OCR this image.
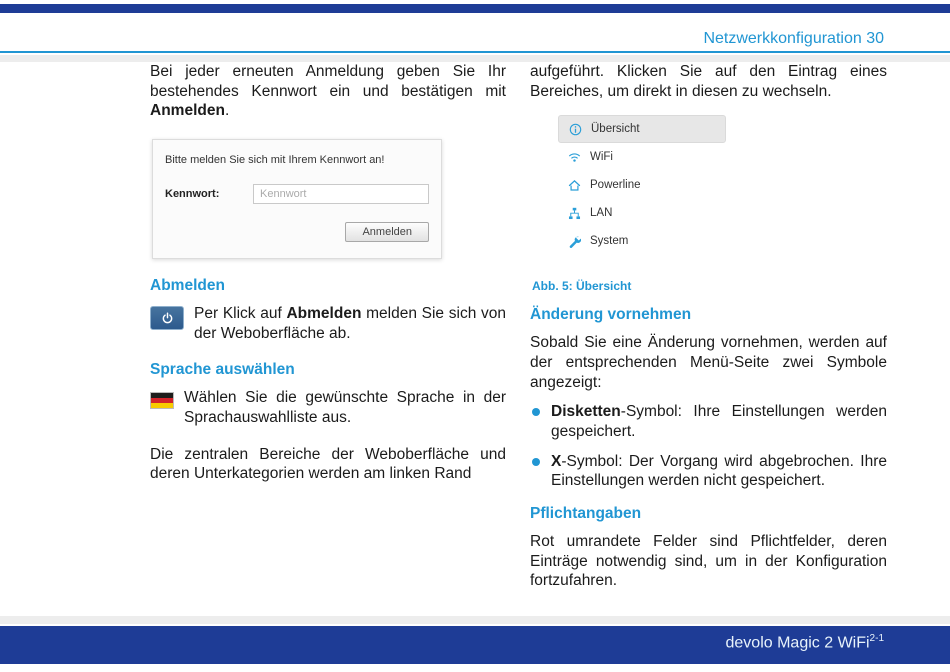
Netzwerkkonfiguration 30

Bei jeder erneuten Anmeldung geben Sie Ihr bestehendes Kennwort ein und bestätigen mit Anmelden.

Bitte melden Sie sich mit Ihrem Kennwort an!
Kennwort:
Kennwort
Anmelden
Abmelden

Per Klick auf Abmelden melden Sie sich von der Weboberfläche ab.

Sprache auswählen

Wählen Sie die gewünschte Sprache in der Sprachauswahlliste aus.

Die zentralen Bereiche der Weboberfläche und deren Unterkategorien werden am linken Rand

aufgeführt. Klicken Sie auf den Eintrag eines Bereiches, um direkt in diesen zu wechseln.

Übersicht
WiFi
Powerline
LAN
System
Abb. 5: Übersicht
Änderung vornehmen

Sobald Sie eine Änderung vornehmen, werden auf der entsprechenden Menü-Seite zwei Symbole angezeigt:

Disketten-Symbol: Ihre Einstellungen werden gespeichert.

X-Symbol: Der Vorgang wird abgebrochen. Ihre Einstellungen werden nicht gespeichert.

Pflichtangaben

Rot umrandete Felder sind Pflichtfelder, deren Einträge notwendig sind, um in der Konfiguration fortzufahren.

devolo Magic 2 WiFi$^{2-1}$
